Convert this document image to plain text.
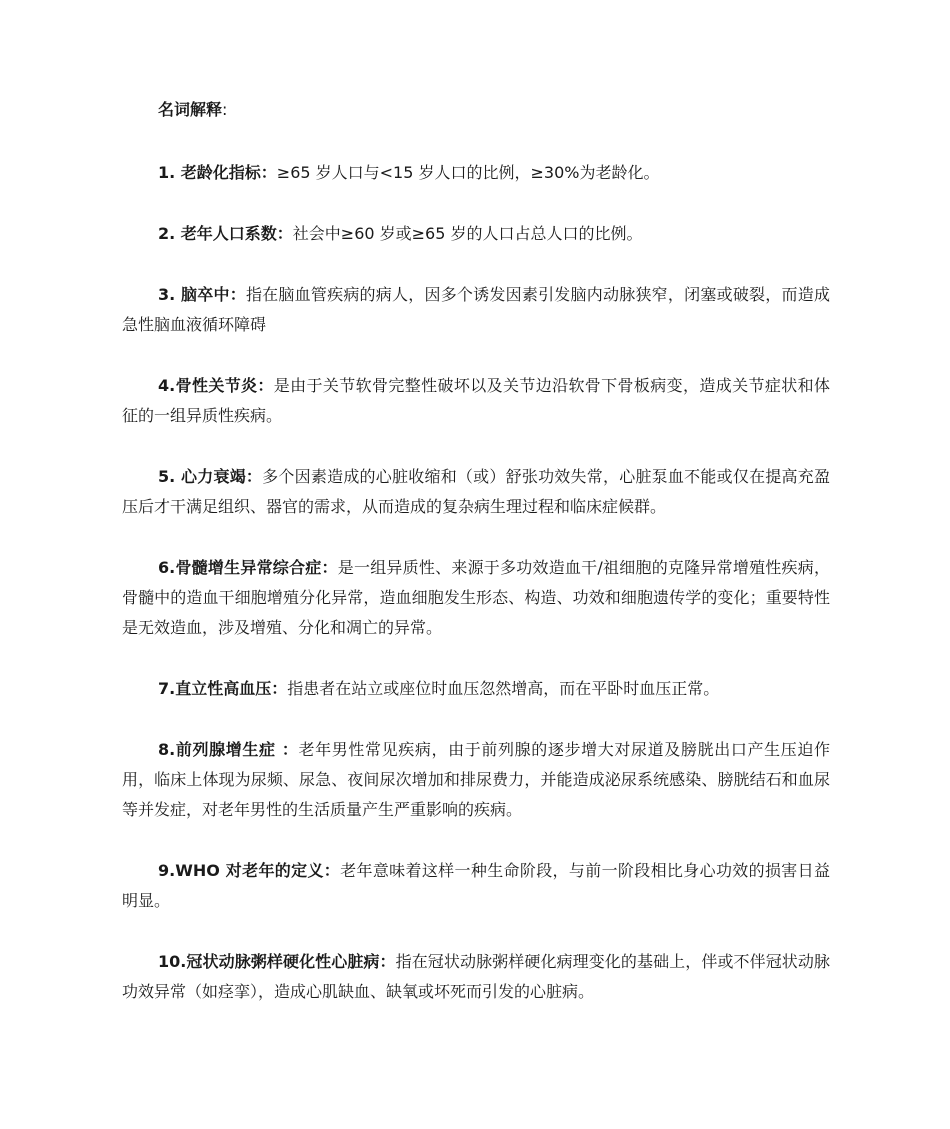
名词解释:

1. 老龄化指标：≥65 岁人口与<15 岁人口的比例，≥30%为老龄化。

2. 老年人口系数：社会中≥60 岁或≥65 岁的人口占总人口的比例。

3. 脑卒中：指在脑血管疾病的病人，因多个诱发因素引发脑内动脉狭窄，闭塞或破裂，而造成急性脑血液循环障碍

4.骨性关节炎：是由于关节软骨完整性破坏以及关节边沿软骨下骨板病变，造成关节症状和体征的一组异质性疾病。

5. 心力衰竭：多个因素造成的心脏收缩和（或）舒张功效失常，心脏泵血不能或仅在提高充盈压后才干满足组织、器官的需求，从而造成的复杂病生理过程和临床症候群。

6.骨髓增生异常综合症：是一组异质性、来源于多功效造血干/祖细胞的克隆异常增殖性疾病，骨髓中的造血干细胞增殖分化异常，造血细胞发生形态、构造、功效和细胞遗传学的变化；重要特性是无效造血，涉及增殖、分化和凋亡的异常。

7.直立性高血压：指患者在站立或座位时血压忽然增高，而在平卧时血压正常。

8.前列腺增生症 ：老年男性常见疾病，由于前列腺的逐步增大对尿道及膀胱出口产生压迫作用，临床上体现为尿频、尿急、夜间尿次增加和排尿费力，并能造成泌尿系统感染、膀胱结石和血尿等并发症，对老年男性的生活质量产生严重影响的疾病。

9.WHO 对老年的定义：老年意味着这样一种生命阶段，与前一阶段相比身心功效的损害日益明显。

10.冠状动脉粥样硬化性心脏病：指在冠状动脉粥样硬化病理变化的基础上，伴或不伴冠状动脉功效异常（如痉挛），造成心肌缺血、缺氧或坏死而引发的心脏病。
